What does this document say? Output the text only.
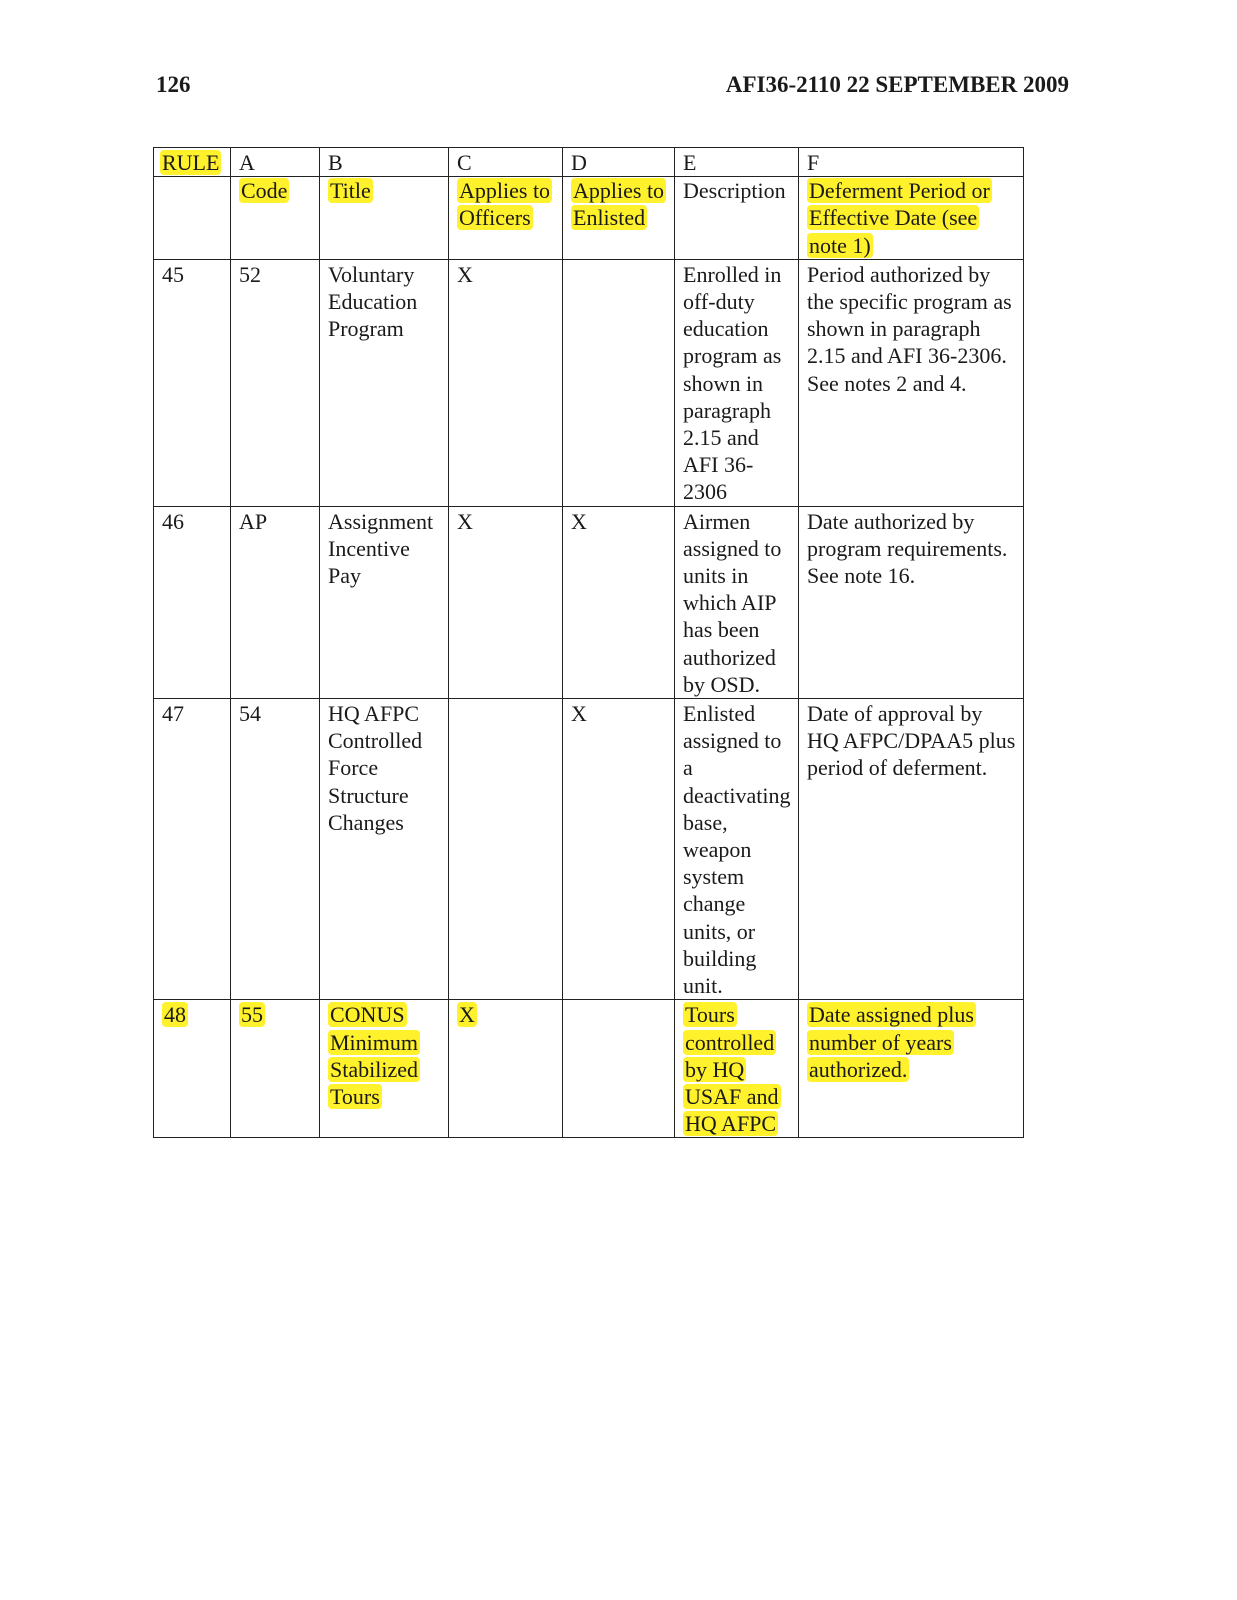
126	AFI36-2110 22 SEPTEMBER 2009
RULE	A	B	C	D	E	F
	Code	Title	Applies to Officers	Applies to Enlisted	Description	Deferment Period or Effective Date (see note 1)
45	52	Voluntary Education Program	X		Enrolled in off-duty education program as shown in paragraph 2.15 and AFI 36-2306	Period authorized by the specific program as shown in paragraph 2.15 and AFI 36-2306. See notes 2 and 4.
46	AP	Assignment Incentive Pay	X	X	Airmen assigned to units in which AIP has been authorized by OSD.	Date authorized by program requirements. See note 16.
47	54	HQ AFPC Controlled Force Structure Changes		X	Enlisted assigned to a deactivating base, weapon system change units, or building unit.	Date of approval by HQ AFPC/DPAA5 plus period of deferment.
48	55	CONUS Minimum Stabilized Tours	X		Tours controlled by HQ USAF and HQ AFPC	Date assigned plus number of years authorized.
